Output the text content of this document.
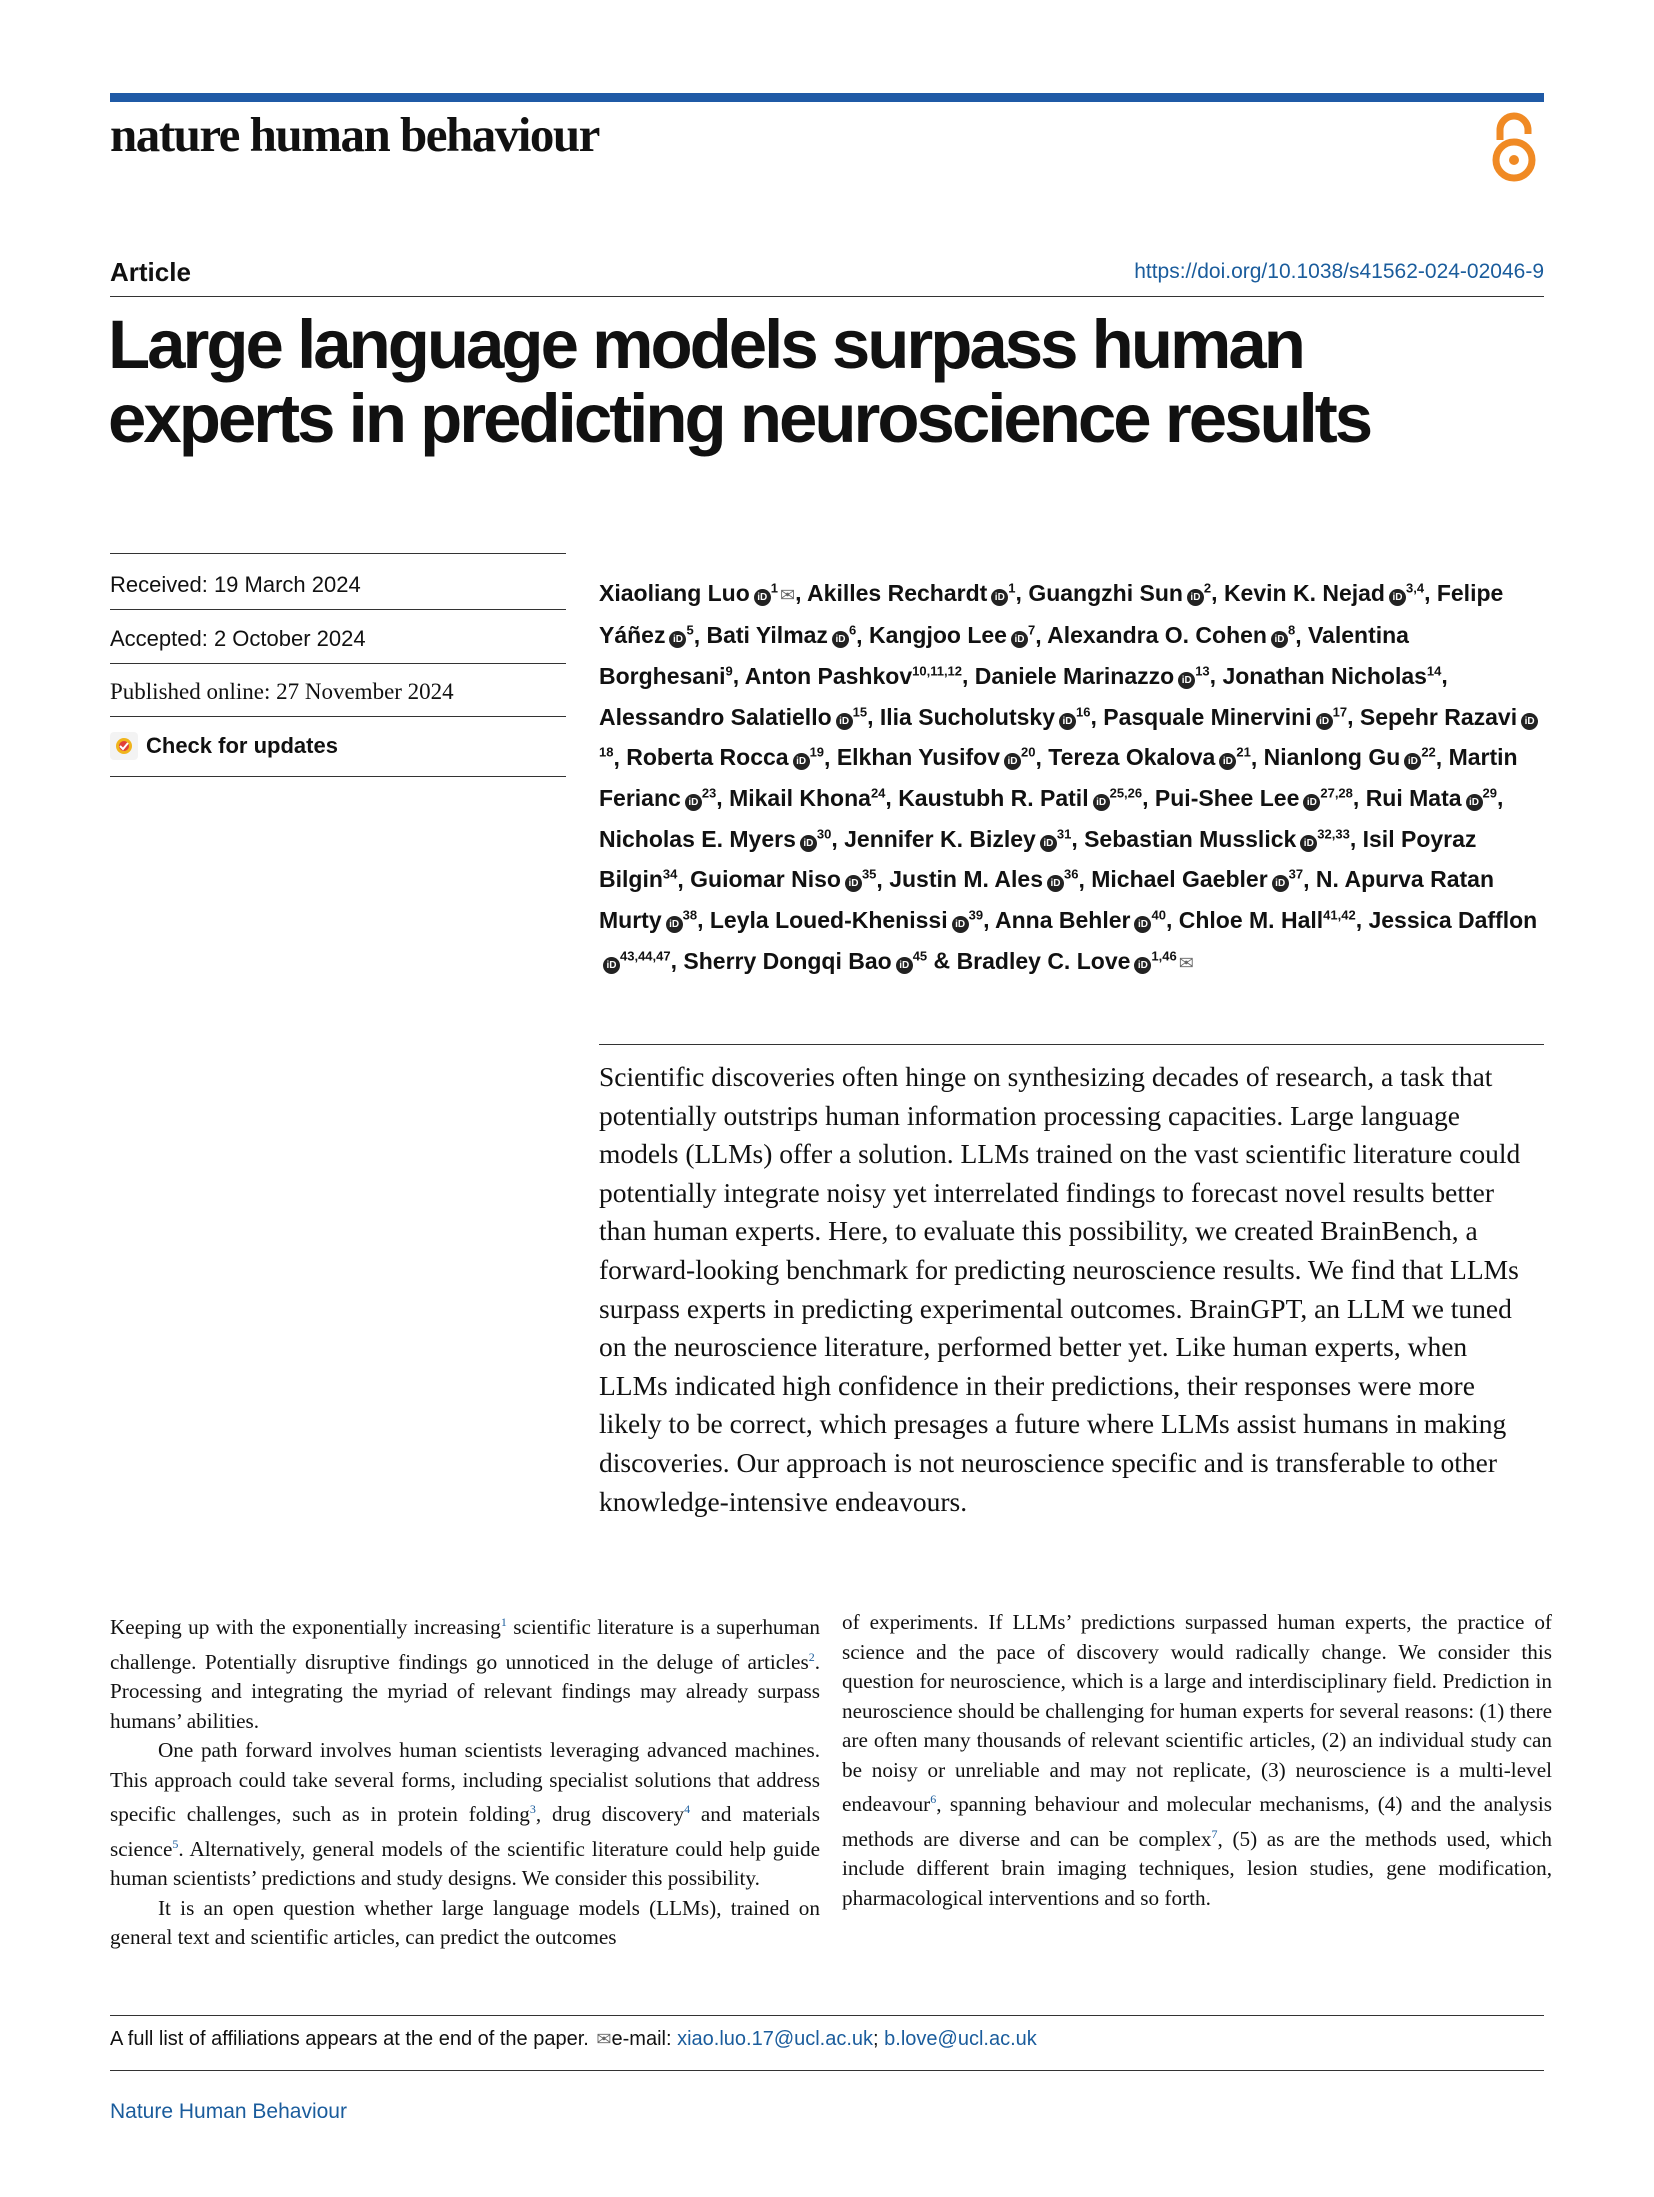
nature human behaviour
Article	https://doi.org/10.1038/s41562-024-02046-9
Large language models surpass human
experts in predicting neuroscience results
Received: 19 March 2024
Accepted: 2 October 2024
Published online: 27 November 2024
Check for updates
Xiaoliang Luo $iD^1$ ✉, Akilles Rechardt $iD^1$, Guangzhi Sun $iD^2$, Kevin K. Nejad iD$^{3,4}$, Felipe Yáñez $iD^5$, Bati Yilmaz $iD^6$, Kangjoo Lee $iD^7$, Alexandra O. Cohen $iD^8$, Valentina Borghesani$^9$, Anton Pashkov$^{10,11,12}$, Daniele Marinazzo $iD^{13}$, Jonathan Nicholas$^{14}$, Alessandro Salatiello $iD^{15}$, Ilia Sucholutsky $iD^{16}$, Pasquale Minervini $iD^{17}$, Sepehr Razavi $iD^{18}$, Roberta Rocca $iD^{19}$, Elkhan Yusifov $iD^{20}$, Tereza Okalova $iD^{21}$, Nianlong Gu $iD^{22}$, Martin Ferianc $iD^{23}$, Mikail Khona$^{24}$, Kaustubh R. Patil iD$^{25,26}$, Pui-Shee Lee iD$^{27,28}$, Rui Mata $iD^{29}$, Nicholas E. Myers $iD^{30}$, Jennifer K. Bizley $iD^{31}$, Sebastian Musslick iD$^{32,33}$, Isil Poyraz Bilgin$^{34}$, Guiomar Niso $iD^{35}$, Justin M. Ales $iD^{36}$, Michael Gaebler $iD^{37}$, N. Apurva Ratan Murty $iD^{38}$, Leyla Loued-Khenissi $iD^{39}$, Anna Behler $iD^{40}$, Chloe M. Hall$^{41,42}$, Jessica DaffloniD$^{43,44,47}$, Sherry Dongqi Bao $iD^{45}$ & Bradley C. Love iD$^{1,46}$ ✉
Scientific discoveries often hinge on synthesizing decades of research, a task that potentially outstrips human information processing capacities. Large language models (LLMs) offer a solution. LLMs trained on the vast scientific literature could potentially integrate noisy yet interrelated findings to forecast novel results better than human experts. Here, to evaluate this possibility, we created BrainBench, a forward-looking benchmark for predicting neuroscience results. We find that LLMs surpass experts in predicting experimental outcomes. BrainGPT, an LLM we tuned on the neuroscience literature, performed better yet. Like human experts, when LLMs indicated high confidence in their predictions, their responses were more likely to be correct, which presages a future where LLMs assist humans in making discoveries. Our approach is not neuroscience specific and is transferable to other knowledge-intensive endeavours.

Keeping up with the exponentially increasing$^1$ scientific literature is a superhuman challenge. Potentially disruptive findings go unnoticed in the deluge of articles$^2$. Processing and integrating the myriad of relevant findings may already surpass humans’ abilities.

One path forward involves human scientists leveraging advanced machines. This approach could take several forms, including specialist solutions that address specific challenges, such as in protein folding$^3$, drug discovery$^4$ and materials science$^5$. Alternatively, general models of the scientific literature could help guide human scientists’ predictions and study designs. We consider this possibility.

It is an open question whether large language models (LLMs), trained on general text and scientific articles, can predict the outcomes

of experiments. If LLMs’ predictions surpassed human experts, the practice of science and the pace of discovery would radically change. We consider this question for neuroscience, which is a large and interdisciplinary field. Prediction in neuroscience should be challenging for human experts for several reasons: (1) there are often many thousands of relevant scientific articles, (2) an individual study can be noisy or unreliable and may not replicate, (3) neuroscience is a multi-level endeavour$^6$, spanning behaviour and molecular mechanisms, (4) and the analysis methods are diverse and can be complex$^7$, (5) as are the methods used, which include different brain imaging techniques, lesion studies, gene modification, pharmacological interventions and so forth.

A full list of affiliations appears at the end of the paper. ✉e-mail: xiao.luo.17@ucl.ac.uk; b.love@ucl.ac.uk
Nature Human Behaviour
